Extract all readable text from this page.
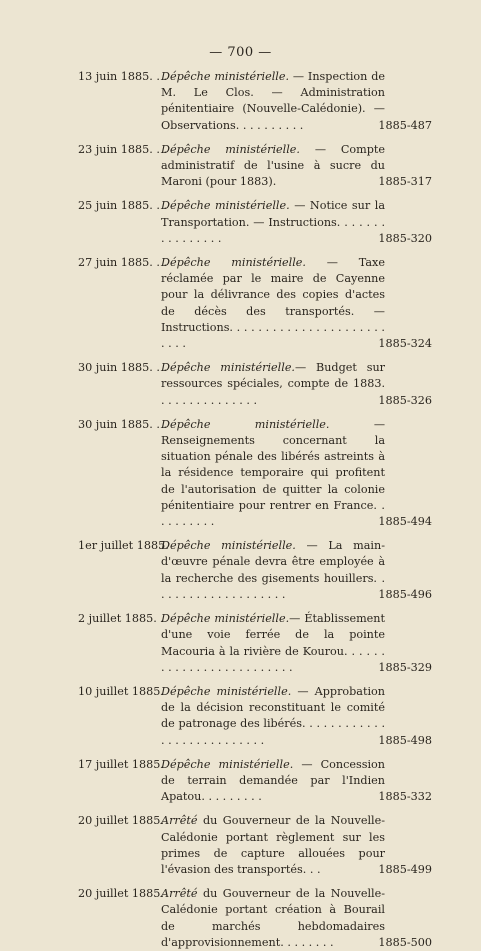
— 700 —
13 juin 1885. . .
Dépêche ministérielle. — Inspection de M. Le Clos. — Administration pénitentiaire (Nouvelle-Calédonie). — Observations. . . . . . . . . .	1885-487
23 juin 1885. . .
Dépêche ministérielle. — Compte administratif de l'usine à sucre du Maroni (pour 1883).	1885-317
25 juin 1885. . .
Dépêche ministérielle. — Notice sur la Transportation. — Instructions. . . . . . . . . . . . . . . .	1885-320
27 juin 1885. . .
Dépêche ministérielle. — Taxe réclamée par le maire de Cayenne pour la délivrance des copies d'actes de décès des transportés. — Instructions. . . . . . . . . . . . . . . . . . . . . . . . . .	1885-324
30 juin 1885. . .
Dépêche ministérielle.— Budget sur ressources spéciales, compte de 1883. . . . . . . . . . . . . . .	1885-326
30 juin 1885. . .
Dépêche ministérielle. — Renseignements concernant la situation pénale des libérés astreints à la résidence temporaire qui profitent de l'autorisation de quitter la colonie pénitentiaire pour rentrer en France. . . . . . . . . .	1885-494
1er juillet 1885.
Dépêche ministérielle. — La main-d'œuvre pénale devra être employée à la recherche des gisements houillers. . . . . . . . . . . . . . . . . . . .	1885-496
2 juillet 1885. .
Dépêche ministérielle.— Établissement d'une voie ferrée de la pointe Macouria à la rivière de Kourou. . . . . . . . . . . . . . . . . . . . . . . . .	1885-329
10 juillet 1885.
Dépêche ministérielle. — Approbation de la décision reconstituant le comité de patronage des libérés. . . . . . . . . . . . . . . . . . . . . . . . . . .	1885-498
17 juillet 1885.
Dépêche ministérielle. — Concession de terrain demandée par l'Indien Apatou. . . . . . . . .	1885-332
20 juillet 1885.
Arrêté du Gouverneur de la Nouvelle-Calédonie portant règlement sur les primes de capture allouées pour l'évasion des transportés. . .	1885-499
20 juillet 1885.
Arrêté du Gouverneur de la Nouvelle-Calédonie portant création à Bourail de marchés hebdomadaires d'approvisionnement. . . . . . . .	1885-500
